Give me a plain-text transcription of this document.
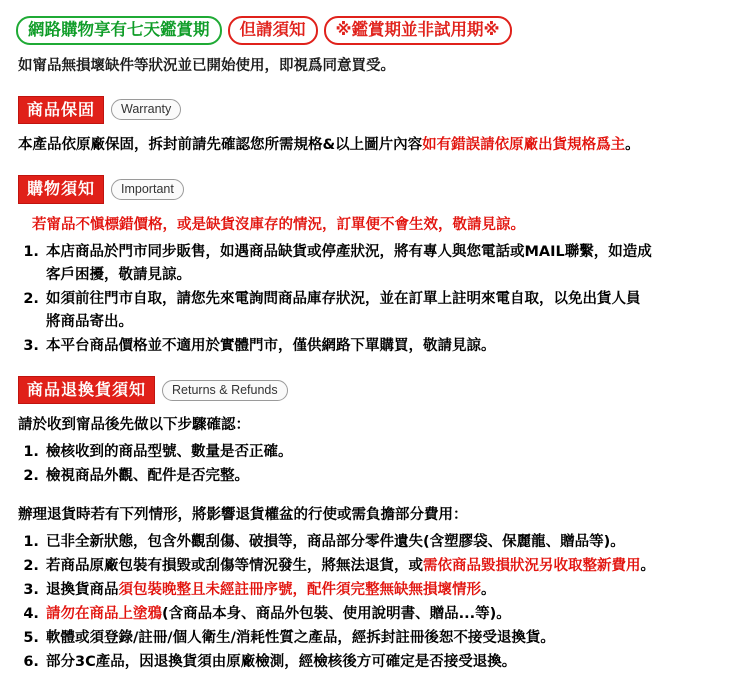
網路購物享有七天鑑賞期	但請須知	※鑑賞期並非試用期※
如甯品無損壞缺件等狀況並已開始使用，即視爲同意買受。
商品保固	Warranty
本產品依原廠保固，拆封前請先確認您所需規格&以上圖片內容如有錯誤請依原廠出貨規格爲主。
購物須知	Important
若甯品不愼標錯價格，或是缺貨沒庫存的情況，訂單便不會生效，敬請見諒。
1. 本店商品於門市同步販售，如遇商品缺貨或停產狀況，將有專人與您電話或MAIL聯繫，如造成
客戶困擾，敬請見諒。
2. 如須前往門市自取，請您先來電詢問商品庫存狀況，並在訂單上註明來電自取，以免出貨人員
將商品寄出。
3. 本平台商品價格並不適用於實體門市，僅供網路下單購買，敬請見諒。
商品退換貨須知	Returns & Refunds
請於收到甯品後先做以下步驟確認：
1. 檢核收到的商品型號、數量是否正確。
2. 檢視商品外觀、配件是否完整。
辦理退貨時若有下列情形，將影響退貨權盆的行使或需負擔部分費用：
1. 已非全新狀態，包含外觀刮傷、破損等，商品部分零件遺失(含塑膠袋、保麗龍、贈品等)。
2. 若商品原廠包裝有損毀或刮傷等情況發生，將無法退貨，或需依商品毀損狀況另收取整新費用。
3. 退換貨商品須包裝晚整且未經註冊序號，配件須完整無缺無損壞情形。
4. 請勿在商品上塗鴉(含商品本身、商品外包裝、使用說明書、贈品...等)。
5. 軟體或須登錄/註冊/個人衛生/消耗性質之產品，經拆封註冊後恕不接受退換貨。
6. 部分3C產品，因退換貨須由原廠檢測，經檢核後方可確定是否接受退換。
